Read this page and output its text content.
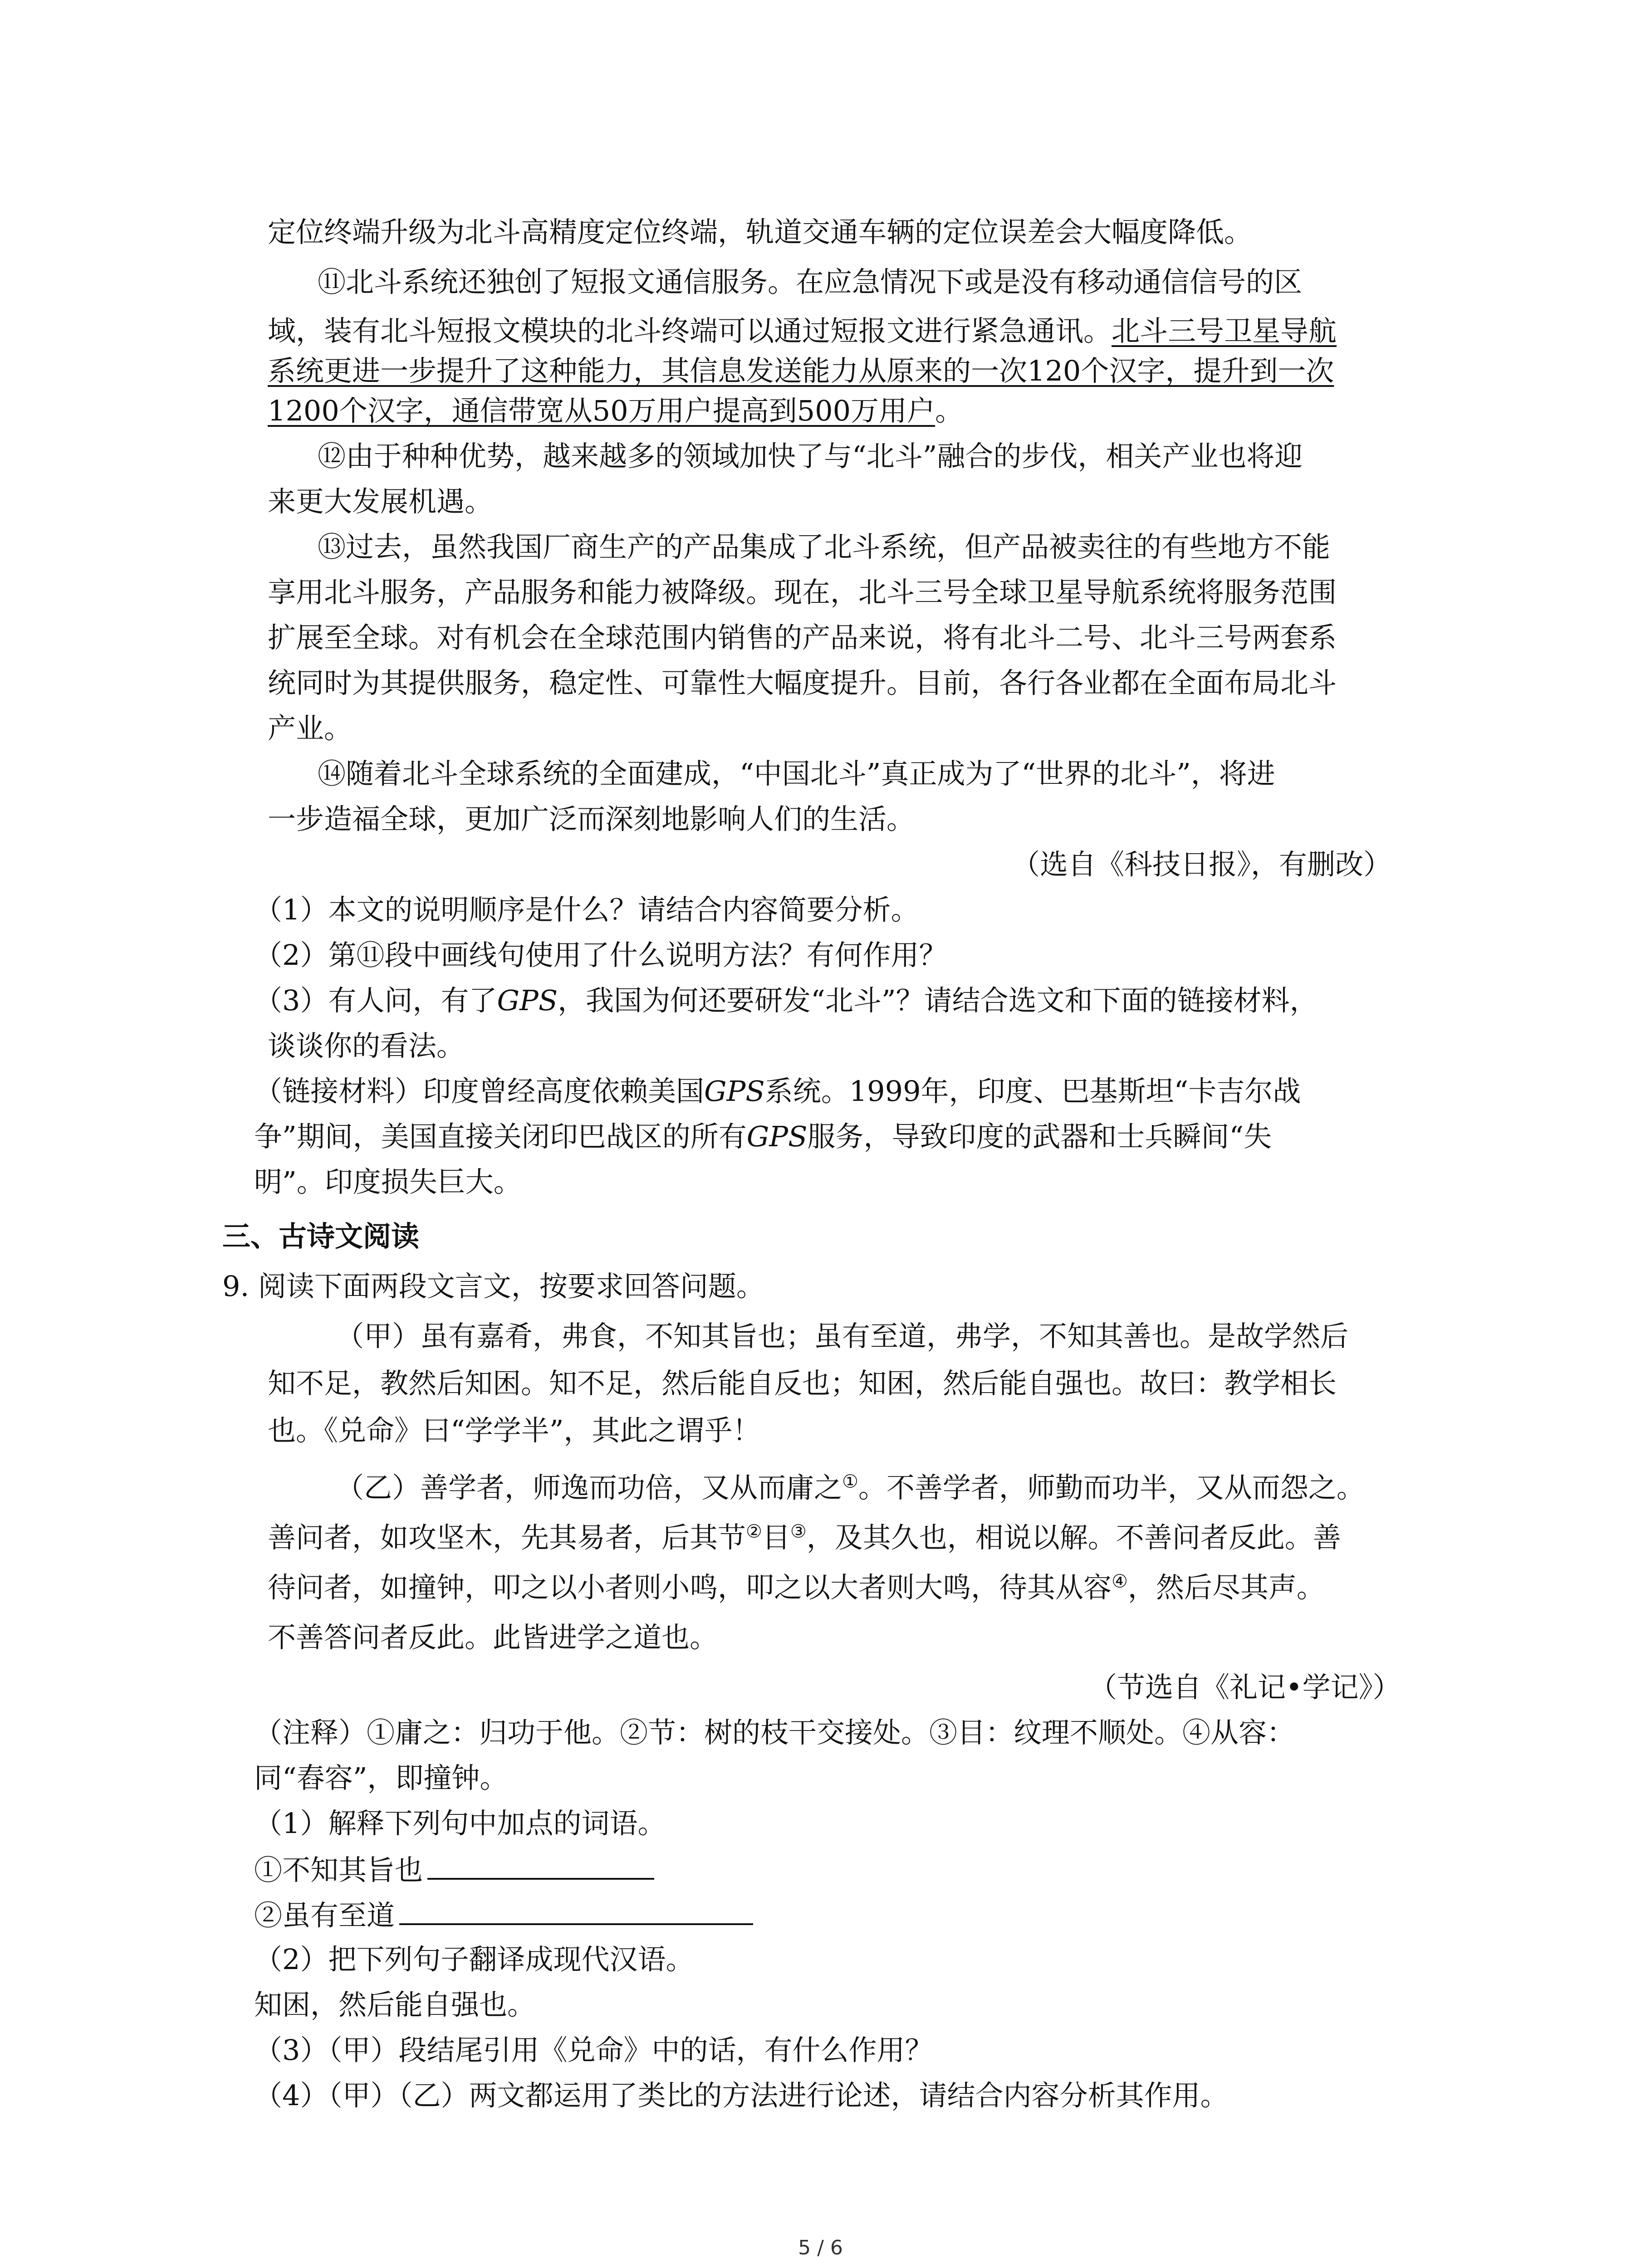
定位终端升级为北斗高精度定位终端，轨道交通车辆的定位误差会大幅度降低。
⑪北斗系统还独创了短报文通信服务。在应急情况下或是没有移动通信信号的区
域，装有北斗短报文模块的北斗终端可以通过短报文进行紧急通讯。北斗三号卫星导航
系统更进一步提升了这种能力，其信息发送能力从原来的一次120个汉字，提升到一次
1200个汉字，通信带宽从50万用户提高到500万用户。
⑫由于种种优势，越来越多的领域加快了与“北斗”融合的步伐，相关产业也将迎
来更大发展机遇。
⑬过去，虽然我国厂商生产的产品集成了北斗系统，但产品被卖往的有些地方不能
享用北斗服务，产品服务和能力被降级。现在，北斗三号全球卫星导航系统将服务范围
扩展至全球。对有机会在全球范围内销售的产品来说，将有北斗二号、北斗三号两套系
统同时为其提供服务，稳定性、可靠性大幅度提升。目前，各行各业都在全面布局北斗
产业。
⑭随着北斗全球系统的全面建成，“中国北斗”真正成为了“世界的北斗”，将进
一步造福全球，更加广泛而深刻地影响人们的生活。
（选自《科技日报》，有删改）
（1）本文的说明顺序是什么？请结合内容简要分析。
（2）第⑪段中画线句使用了什么说明方法？有何作用？
（3）有人问，有了GPS，我国为何还要研发“北斗”？请结合选文和下面的链接材料，
谈谈你的看法。
（链接材料）印度曾经高度依赖美国GPS系统。1999年，印度、巴基斯坦“卡吉尔战
争”期间，美国直接关闭印巴战区的所有GPS服务，导致印度的武器和士兵瞬间“失
明”。印度损失巨大。
三、古诗文阅读
9. 阅读下面两段文言文，按要求回答问题。
（甲）虽有嘉肴，弗食，不知其旨也；虽有至道，弗学，不知其善也。是故学然后
知不足，教然后知困。知不足，然后能自反也；知困，然后能自强也。故曰：教学相长
也。《兑命》曰“学学半”，其此之谓乎！
（乙）善学者，师逸而功倍，又从而庸之①。不善学者，师勤而功半，又从而怨之。
善问者，如攻坚木，先其易者，后其节②目③，及其久也，相说以解。不善问者反此。善
待问者，如撞钟，叩之以小者则小鸣，叩之以大者则大鸣，待其从容④，然后尽其声。
不善答问者反此。此皆进学之道也。
（节选自《礼记•学记》）
（注释）①庸之：归功于他。②节：树的枝干交接处。③目：纹理不顺处。④从容：
同“舂容”，即撞钟。
（1）解释下列句中加点的词语。
①不知其旨也
②虽有至道
（2）把下列句子翻译成现代汉语。
知困，然后能自强也。
（3）（甲）段结尾引用《兑命》中的话，有什么作用？
（4）（甲）（乙）两文都运用了类比的方法进行论述，请结合内容分析其作用。
5 / 6
